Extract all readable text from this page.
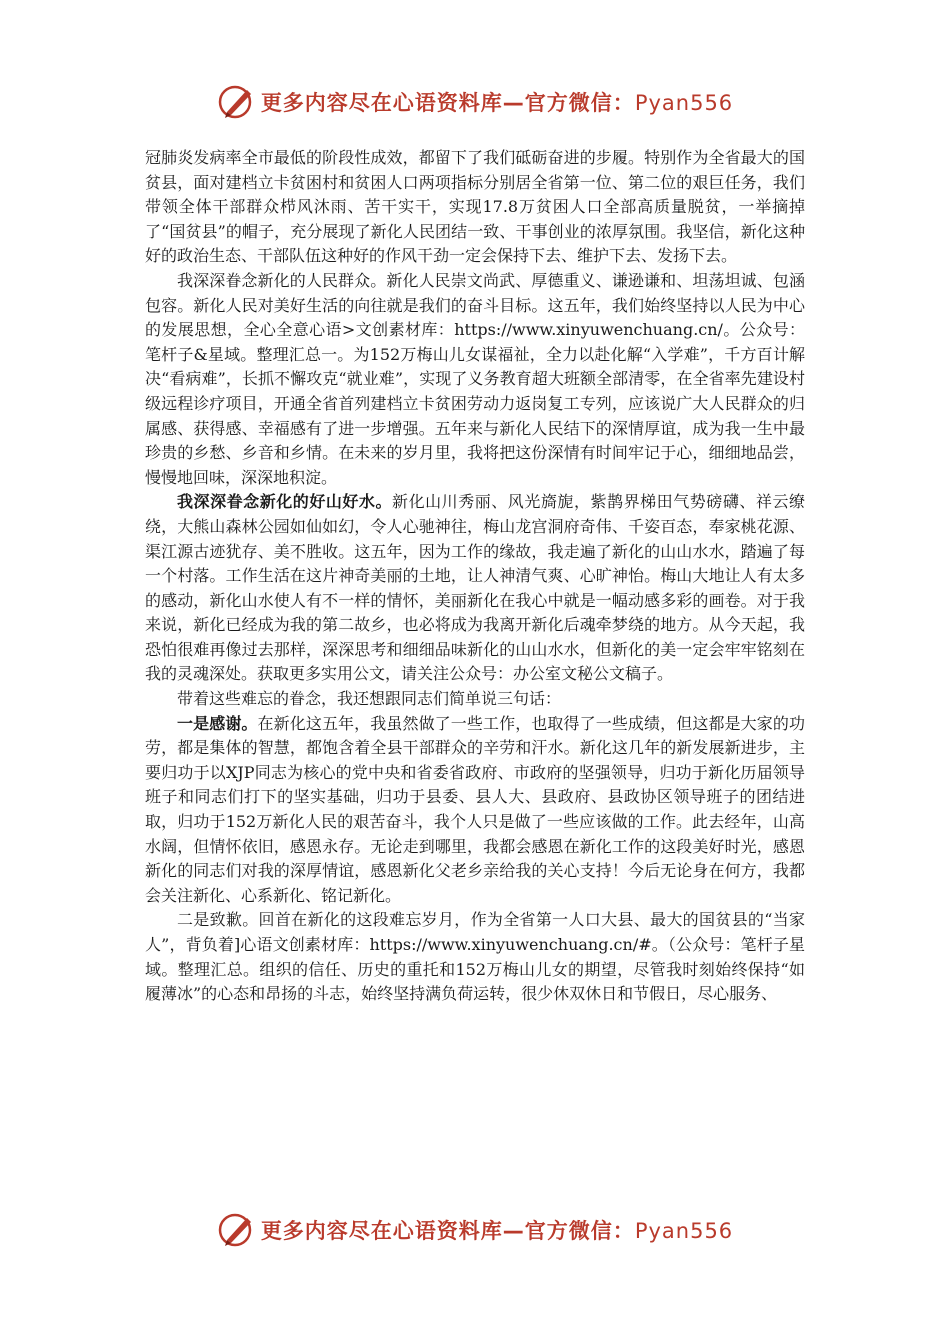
更多内容尽在心语资料库—官方微信：Pyan556

冠肺炎发病率全市最低的阶段性成效，都留下了我们砥砺奋进的步履。特别作为全省最大的国贫县，面对建档立卡贫困村和贫困人口两项指标分别居全省第一位、第二位的艰巨任务，我们带领全体干部群众栉风沐雨、苦干实干，实现17.8万贫困人口全部高质量脱贫，一举摘掉了“国贫县”的帽子，充分展现了新化人民团结一致、干事创业的浓厚氛围。我坚信，新化这种好的政治生态、干部队伍这种好的作风干劲一定会保持下去、维护下去、发扬下去。

我深深眷念新化的人民群众。新化人民崇文尚武、厚德重义、谦逊谦和、坦荡坦诚、包涵包容。新化人民对美好生活的向往就是我们的奋斗目标。这五年，我们始终坚持以人民为中心的发展思想，全心全意心语>文创素材库：https://www.xinyuwenchuang.cn/。公众号：笔杆子&星域。整理汇总一。为152万梅山儿女谋福祉，全力以赴化解“入学难”，千方百计解决“看病难”，长抓不懈攻克“就业难”，实现了义务教育超大班额全部清零，在全省率先建设村级远程诊疗项目，开通全省首列建档立卡贫困劳动力返岗复工专列，应该说广大人民群众的归属感、获得感、幸福感有了进一步增强。五年来与新化人民结下的深情厚谊，成为我一生中最珍贵的乡愁、乡音和乡情。在未来的岁月里，我将把这份深情有时间牢记于心，细细地品尝，慢慢地回味，深深地积淀。

我深深眷念新化的好山好水。新化山川秀丽、风光旖旎，紫鹊界梯田气势磅礴、祥云缭绕，大熊山森林公园如仙如幻，令人心驰神往，梅山龙宫洞府奇伟、千姿百态，奉家桃花源、渠江源古迹犹存、美不胜收。这五年，因为工作的缘故，我走遍了新化的山山水水，踏遍了每一个村落。工作生活在这片神奇美丽的土地，让人神清气爽、心旷神怡。梅山大地让人有太多的感动，新化山水使人有不一样的情怀，美丽新化在我心中就是一幅动感多彩的画卷。对于我来说，新化已经成为我的第二故乡，也必将成为我离开新化后魂牵梦绕的地方。从今天起，我恐怕很难再像过去那样，深深思考和细细品味新化的山山水水，但新化的美一定会牢牢铭刻在我的灵魂深处。获取更多实用公文，请关注公众号：办公室文秘公文稿子。

带着这些难忘的眷念，我还想跟同志们简单说三句话：

一是感谢。在新化这五年，我虽然做了一些工作，也取得了一些成绩，但这都是大家的功劳，都是集体的智慧，都饱含着全县干部群众的辛劳和汗水。新化这几年的新发展新进步，主要归功于以XJP同志为核心的党中央和省委省政府、市政府的坚强领导，归功于新化历届领导班子和同志们打下的坚实基础，归功于县委、县人大、县政府、县政协区领导班子的团结进取，归功于152万新化人民的艰苦奋斗，我个人只是做了一些应该做的工作。此去经年，山高水阔，但情怀依旧，感恩永存。无论走到哪里，我都会感恩在新化工作的这段美好时光，感恩新化的同志们对我的深厚情谊，感恩新化父老乡亲给我的关心支持！今后无论身在何方，我都会关注新化、心系新化、铭记新化。

二是致歉。回首在新化的这段难忘岁月，作为全省第一人口大县、最大的国贫县的“当家人”，背负着]心语文创素材库：https://www.xinyuwenchuang.cn/#。（公众号：笔杆子星域。整理汇总。组织的信任、历史的重托和152万梅山儿女的期望，尽管我时刻始终保持“如履薄冰”的心态和昂扬的斗志，始终坚持满负荷运转，很少休双休日和节假日，尽心服务、

更多内容尽在心语资料库—官方微信：Pyan556
